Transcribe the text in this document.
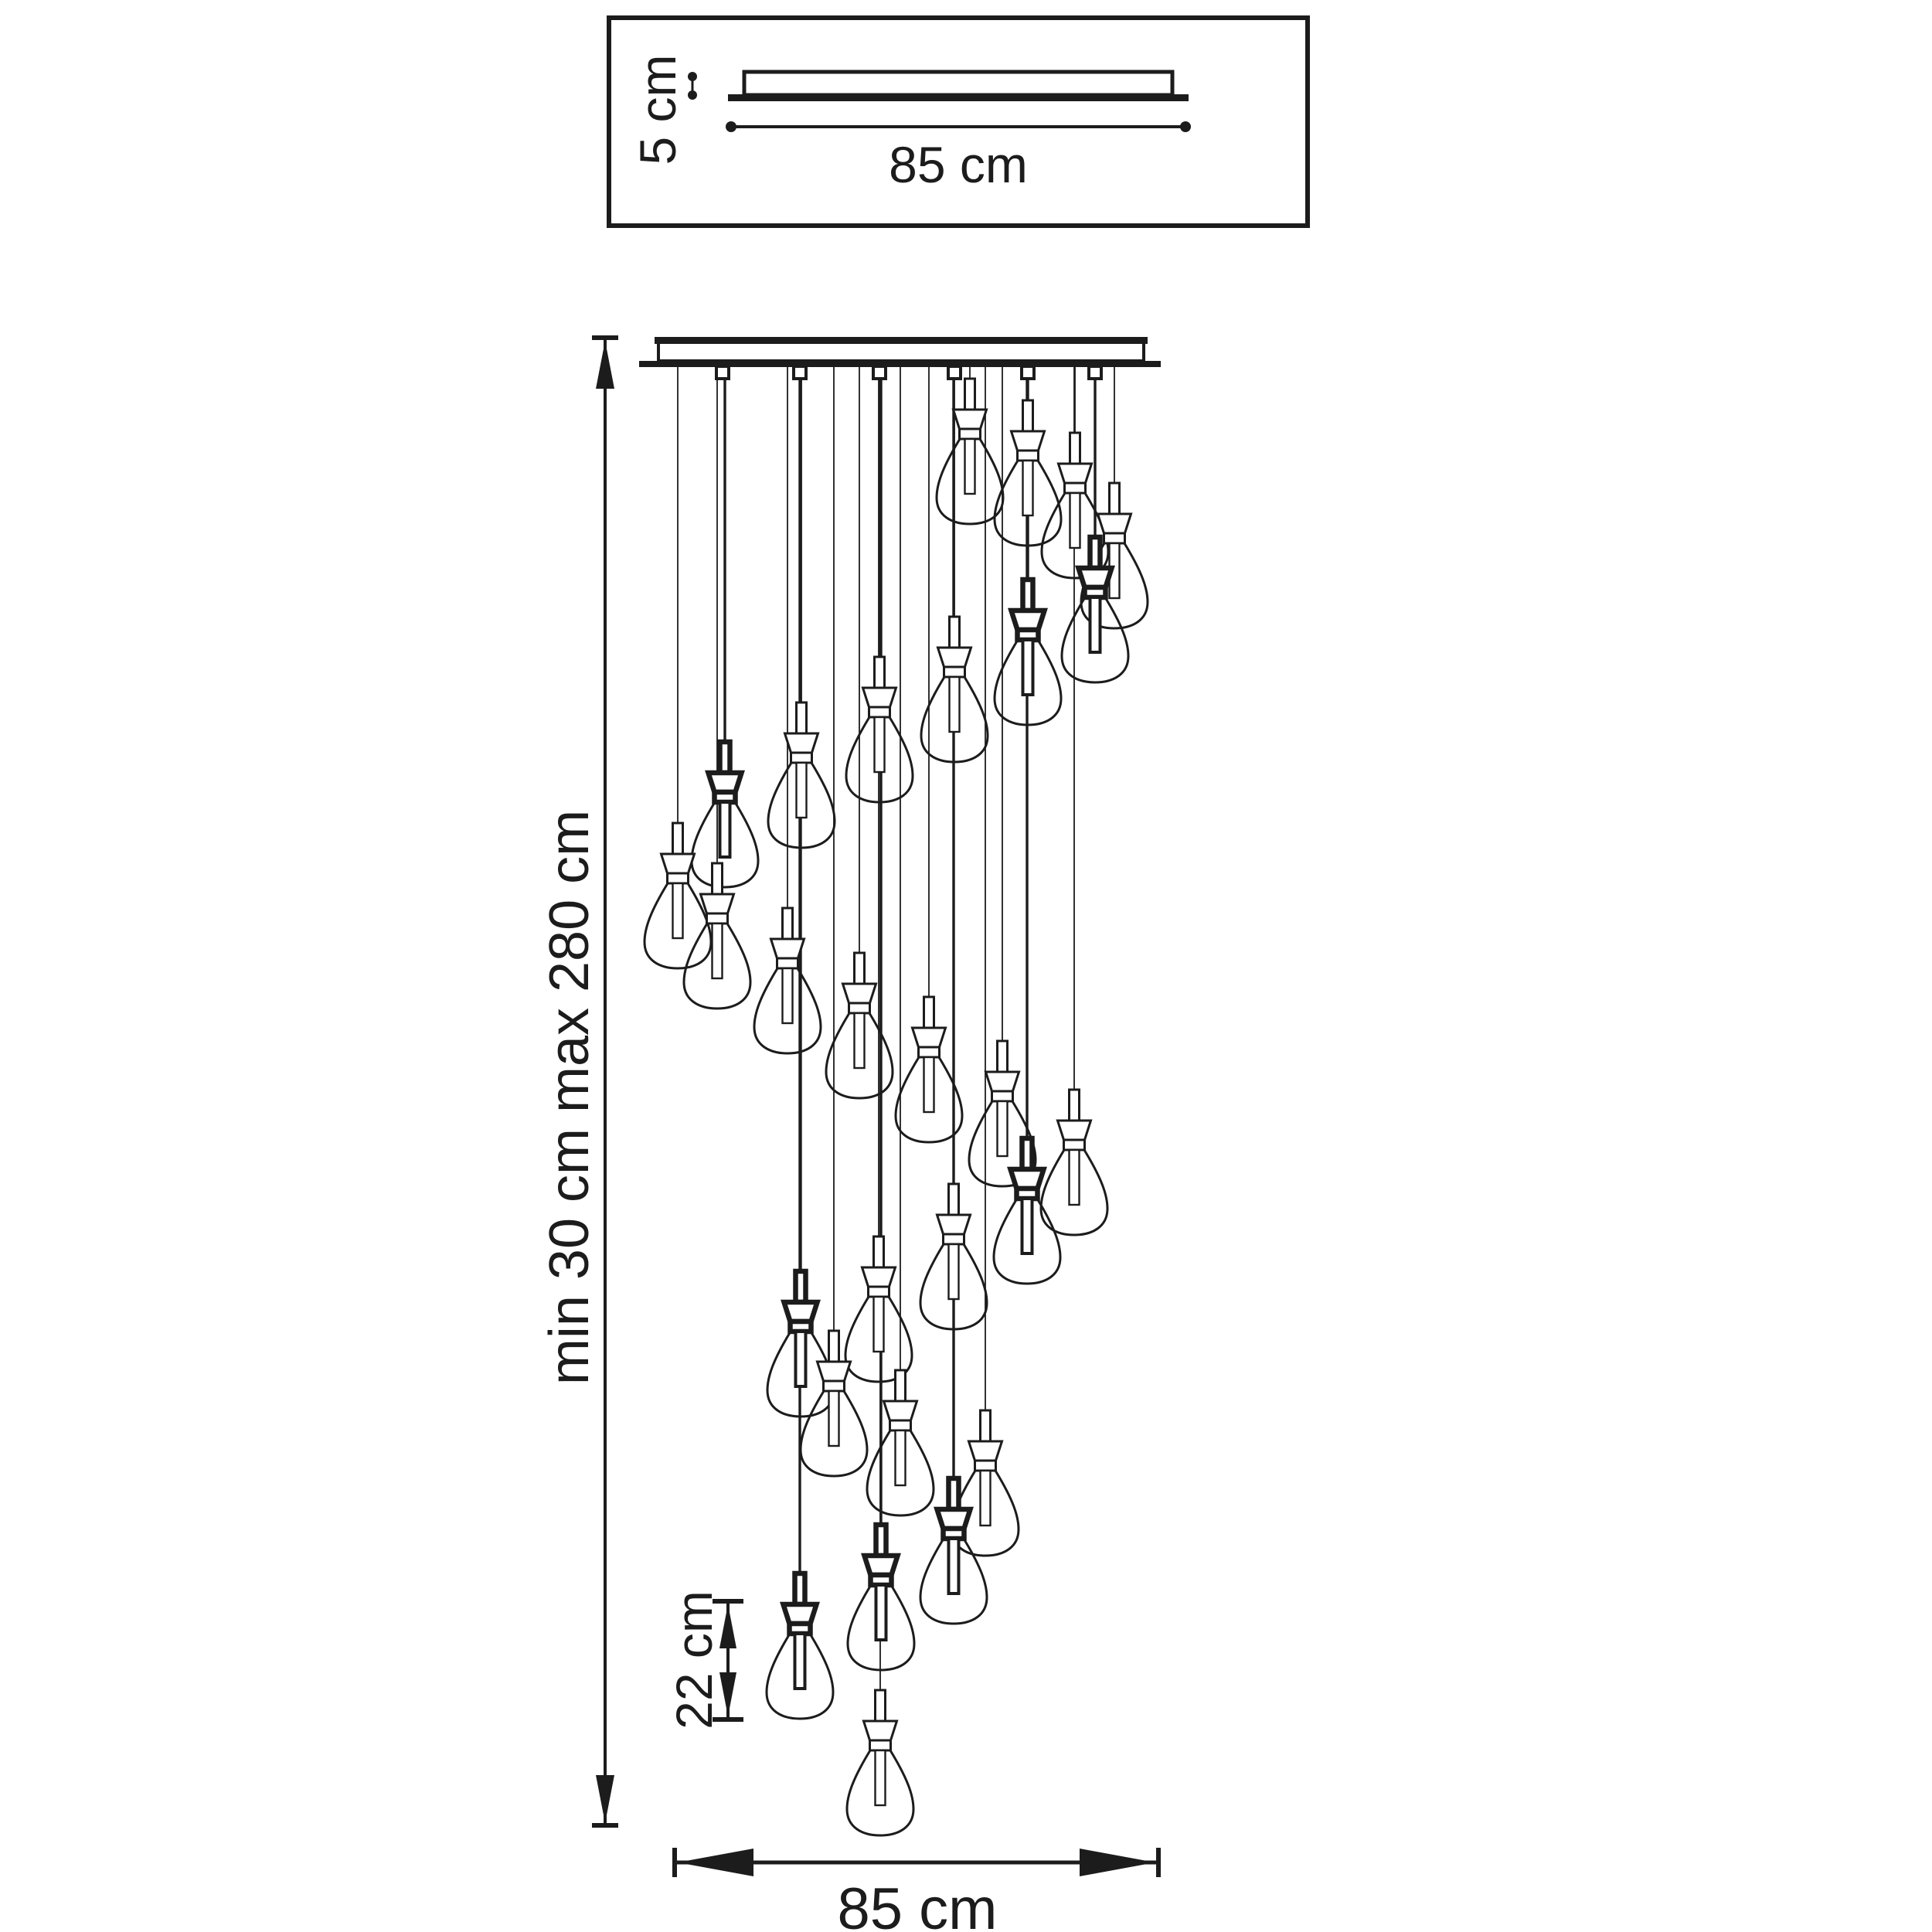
5 cm	85 cm
min 30 cm max 280 cm
22 cm
85 cm
